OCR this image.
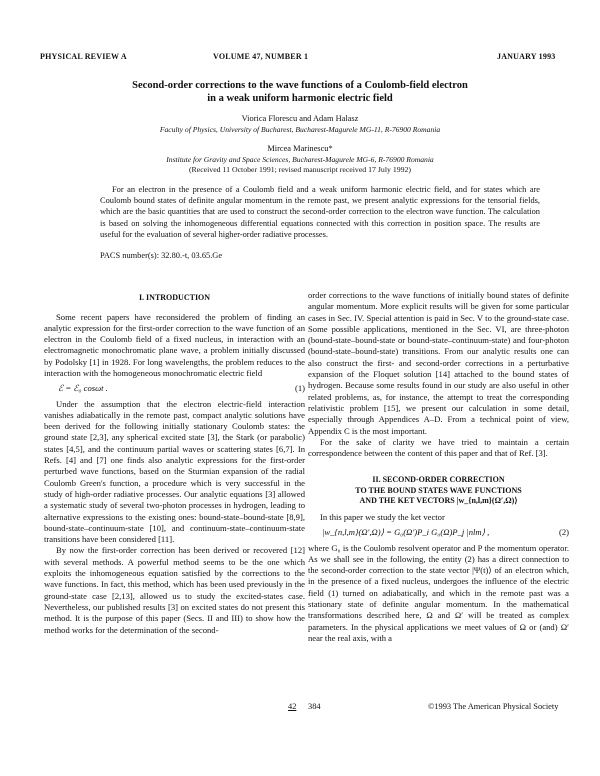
PHYSICAL REVIEW A	VOLUME 47, NUMBER 1	JANUARY 1993
Second-order corrections to the wave functions of a Coulomb-field electron
in a weak uniform harmonic electric field
Viorica Florescu and Adam Halasz
Faculty of Physics, University of Bucharest, Bucharest-Magurele MG-11, R-76900 Romania
Mircea Marinescu*
Institute for Gravity and Space Sciences, Bucharest-Magurele MG-6, R-76900 Romania
(Received 11 October 1991; revised manuscript received 17 July 1992)
For an electron in the presence of a Coulomb field and a weak uniform harmonic electric field, and for states which are Coulomb bound states of definite angular momentum in the remote past, we present analytic expressions for the tensorial fields, which are the basic quantities that are used to construct the second-order correction to the electron wave function. The calculation is based on solving the inhomogeneous differential equations connected with this correction in position space. The results are useful for the evaluation of several higher-order radiative processes.
PACS number(s): 32.80.-t, 03.65.Ge
I. INTRODUCTION

Some recent papers have reconsidered the problem of finding an analytic expression for the first-order correction to the wave function of an electron in the Coulomb field of a fixed nucleus, in interaction with an electromagnetic monochromatic plane wave, a problem initially discussed by Podolsky [1] in 1928. For long wavelengths, the problem reduces to the interaction with the homogeneous monochromatic electric field

ℰ = ℰ₀ cosωt .	(1)

Under the assumption that the electron electric-field interaction vanishes adiabatically in the remote past, compact analytic solutions have been derived for the following initially stationary Coulomb states: the ground state [2,3], any spherical excited state [3], the Stark (or parabolic) states [4,5], and the continuum partial waves or scattering states [6,7]. In Refs. [4] and [7] one finds also analytic expressions for the first-order perturbed wave functions, based on the Sturmian expansion of the radial Coulomb Green's function, a procedure which is very successful in the study of high-order radiative processes. Our analytic equations [3] allowed a systematic study of several two-photon processes in hydrogen, leading to alternative expressions to the existing ones: bound-state–bound-state [8,9], bound-state–continuum-state [10], and continuum-state–continuum-state transitions have been considered [11].

By now the first-order correction has been derived or recovered [12] with several methods. A powerful method seems to be the one which exploits the inhomogeneous equation satisfied by the corrections to the wave functions. In fact, this method, which has been used previously in the ground-state case [2,13], allowed us to study the excited-states case. Nevertheless, our published results [3] on excited states do not present this method. It is the purpose of this paper (Secs. II and III) to show how the method works for the determination of the second-

order corrections to the wave functions of initially bound states of definite angular momentum. More explicit results will be given for some particular cases in Sec. IV. Special attention is paid in Sec. V to the ground-state case. Some possible applications, mentioned in the Sec. VI, are three-photon (bound-state–bound-state or bound-state–continuum-state) and four-photon (bound-state–bound-state) transitions. From our analytic results one can also construct the first- and second-order corrections in a perturbative expansion of the Floquet solution [14] attached to the bound states of hydrogen. Because some results found in our study are also useful in other related problems, as, for instance, the attempt to treat the corresponding relativistic problem [15], we present our calculation in some detail, especially through Appendices A–D. From a technical point of view, Appendix C is the most important.

For the sake of clarity we have tried to maintain a certain correspondence between the content of this paper and that of Ref. [3].

II. SECOND-ORDER CORRECTION
TO THE BOUND STATES WAVE FUNCTIONS
AND THE KET VECTORS |w_{n,l,m}(Ω′,Ω)⟩

In this paper we study the ket vector

|w_{n,l,m}(Ω′,Ω)⟩ = G₀(Ω′)P_i G₀(Ω)P_j |nlm⟩ ,	(2)

where G₀ is the Coulomb resolvent operator and P the momentum operator. As we shall see in the following, the entity (2) has a direct connection to the second-order correction to the state vector |Ψ(t)⟩ of an electron which, in the presence of a fixed nucleus, undergoes the influence of the electric field (1) turned on adiabatically, and which in the remote past was a stationary state of definite angular momentum. In the mathematical transformations described here, Ω and Ω′ will be treated as complex parameters. In the physical applications we meet values of Ω or (and) Ω′ near the real axis, with a

42 384	©1993 The American Physical Society
